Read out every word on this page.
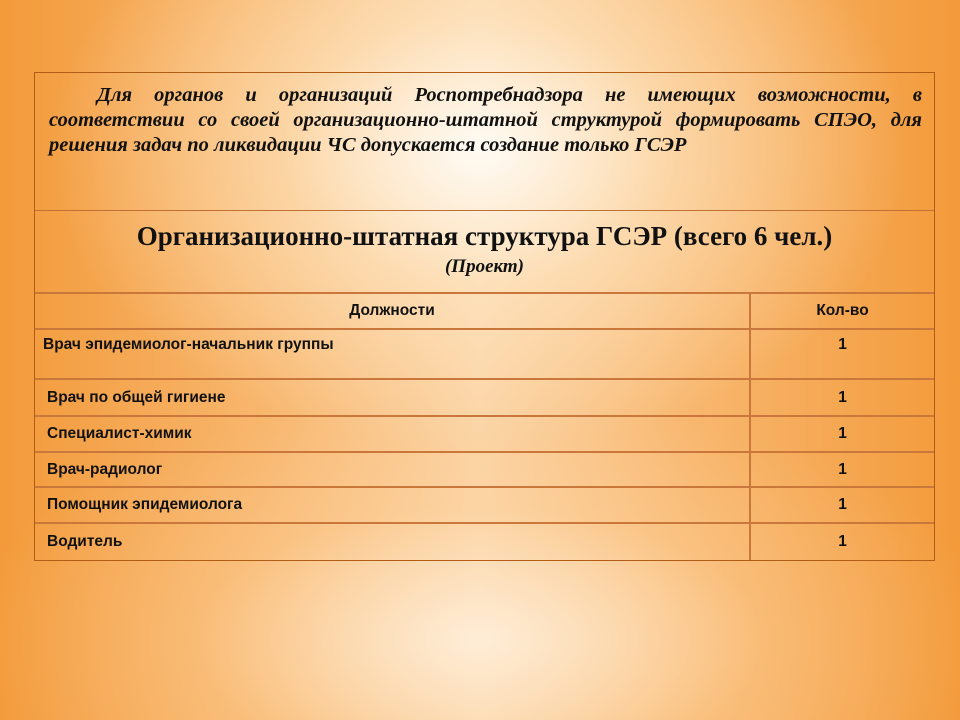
Для органов и организаций Роспотребнадзора не имеющих возможности, в соответствии со своей организационно-штатной структурой формировать СПЭО, для решения задач по ликвидации ЧС допускается создание только ГСЭР
Организационно-штатная структура ГСЭР (всего 6 чел.)
(Проект)
Должности	Кол-во
Врач эпидемиолог-начальник группы	1
Врач по общей гигиене	1
Специалист-химик	1
Врач-радиолог	1
Помощник эпидемиолога	1
Водитель	1
